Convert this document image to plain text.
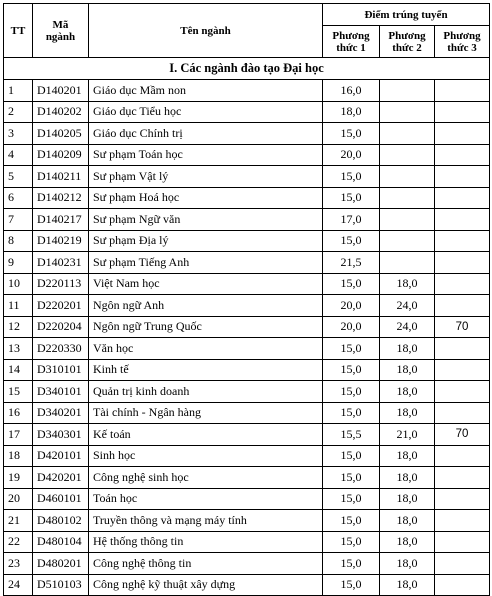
TT	Mã ngành	Tên ngành	Điểm trúng tuyển		
			Phương thức 1	Phương thức 2	Phương thức 3
I. Các ngành đào tạo Đại học					
1	D140201	Giáo dục Mầm non	16,0		
2	D140202	Giáo dục Tiểu học	18,0		
3	D140205	Giáo dục Chính trị	15,0		
4	D140209	Sư phạm Toán học	20,0		
5	D140211	Sư phạm Vật lý	15,0		
6	D140212	Sư phạm Hoá học	15,0		
7	D140217	Sư phạm Ngữ văn	17,0		
8	D140219	Sư phạm Địa lý	15,0		
9	D140231	Sư phạm Tiếng Anh	21,5		
10	D220113	Việt Nam học	15,0	18,0	
11	D220201	Ngôn ngữ Anh	20,0	24,0	
12	D220204	Ngôn ngữ Trung Quốc	20,0	24,0	70
13	D220330	Văn học	15,0	18,0	
14	D310101	Kinh tế	15,0	18,0	
15	D340101	Quản trị kinh doanh	15,0	18,0	
16	D340201	Tài chính - Ngân hàng	15,0	18,0	
17	D340301	Kế toán	15,5	21,0	70
18	D420101	Sinh học	15,0	18,0	
19	D420201	Công nghệ sinh học	15,0	18,0	
20	D460101	Toán học	15,0	18,0	
21	D480102	Truyền thông và mạng máy tính	15,0	18,0	
22	D480104	Hệ thống thông tin	15,0	18,0	
23	D480201	Công nghệ thông tin	15,0	18,0	
24	D510103	Công nghệ kỹ thuật xây dựng	15,0	18,0	
